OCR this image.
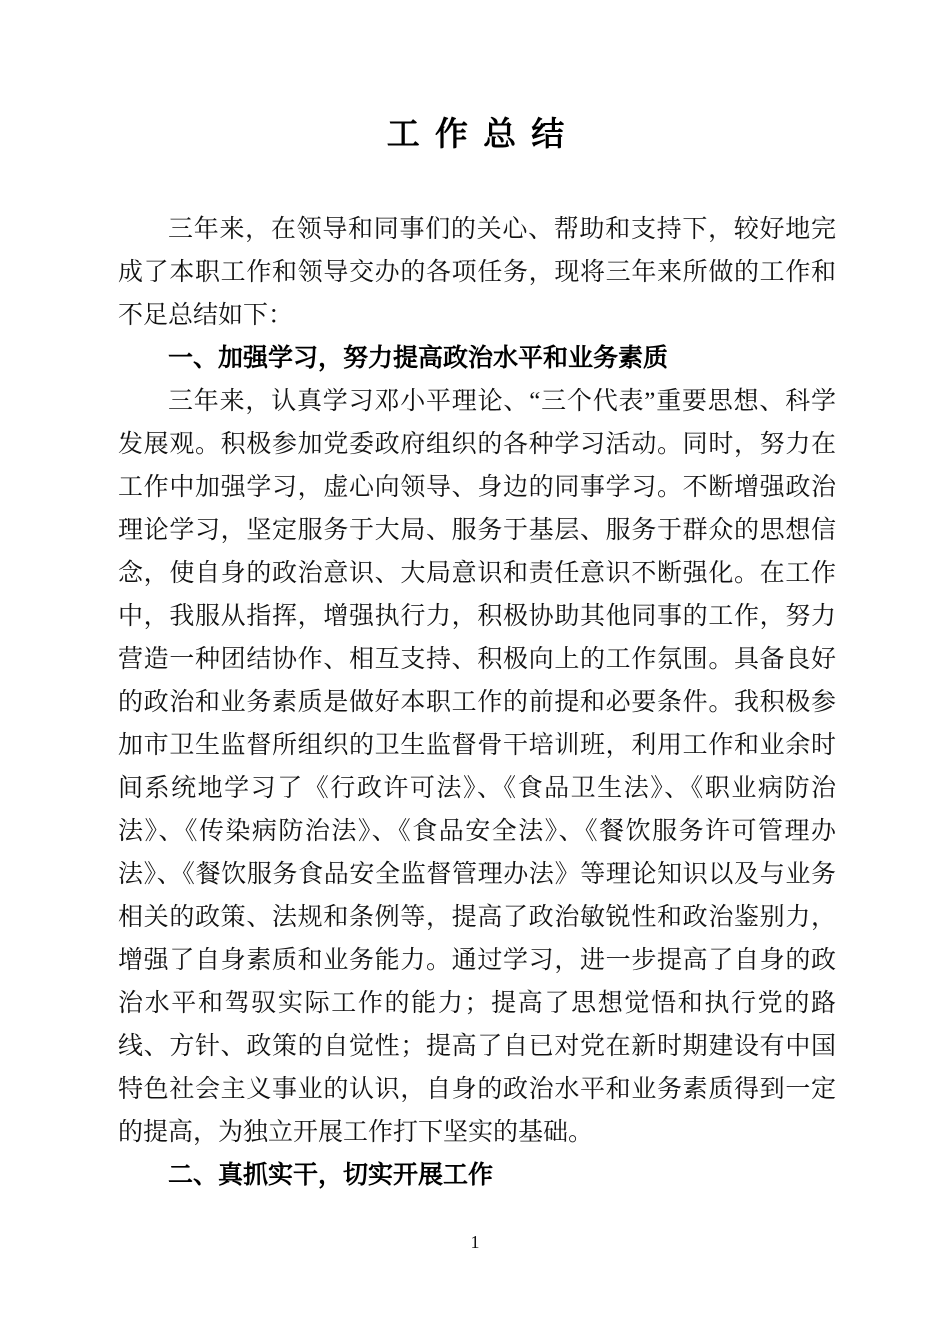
工 作 总 结

三年来，在领导和同事们的关心、帮助和支持下，较好地完成了本职工作和领导交办的各项任务，现将三年来所做的工作和不足总结如下：

一、加强学习，努力提高政治水平和业务素质

三年来，认真学习邓小平理论、“三个代表”重要思想、科学发展观。积极参加党委政府组织的各种学习活动。同时，努力在工作中加强学习，虚心向领导、身边的同事学习。不断增强政治理论学习，坚定服务于大局、服务于基层、服务于群众的思想信念，使自身的政治意识、大局意识和责任意识不断强化。在工作中，我服从指挥，增强执行力，积极协助其他同事的工作，努力营造一种团结协作、相互支持、积极向上的工作氛围。具备良好的政治和业务素质是做好本职工作的前提和必要条件。我积极参加市卫生监督所组织的卫生监督骨干培训班，利用工作和业余时间系统地学习了《行政许可法》、《食品卫生法》、《职业病防治法》、《传染病防治法》、《食品安全法》、《餐饮服务许可管理办法》、《餐饮服务食品安全监督管理办法》等理论知识以及与业务相关的政策、法规和条例等，提高了政治敏锐性和政治鉴别力，增强了自身素质和业务能力。通过学习，进一步提高了自身的政治水平和驾驭实际工作的能力；提高了思想觉悟和执行党的路线、方针、政策的自觉性；提高了自已对党在新时期建设有中国特色社会主义事业的认识，自身的政治水平和业务素质得到一定的提高，为独立开展工作打下坚实的基础。

二、真抓实干，切实开展工作
1
